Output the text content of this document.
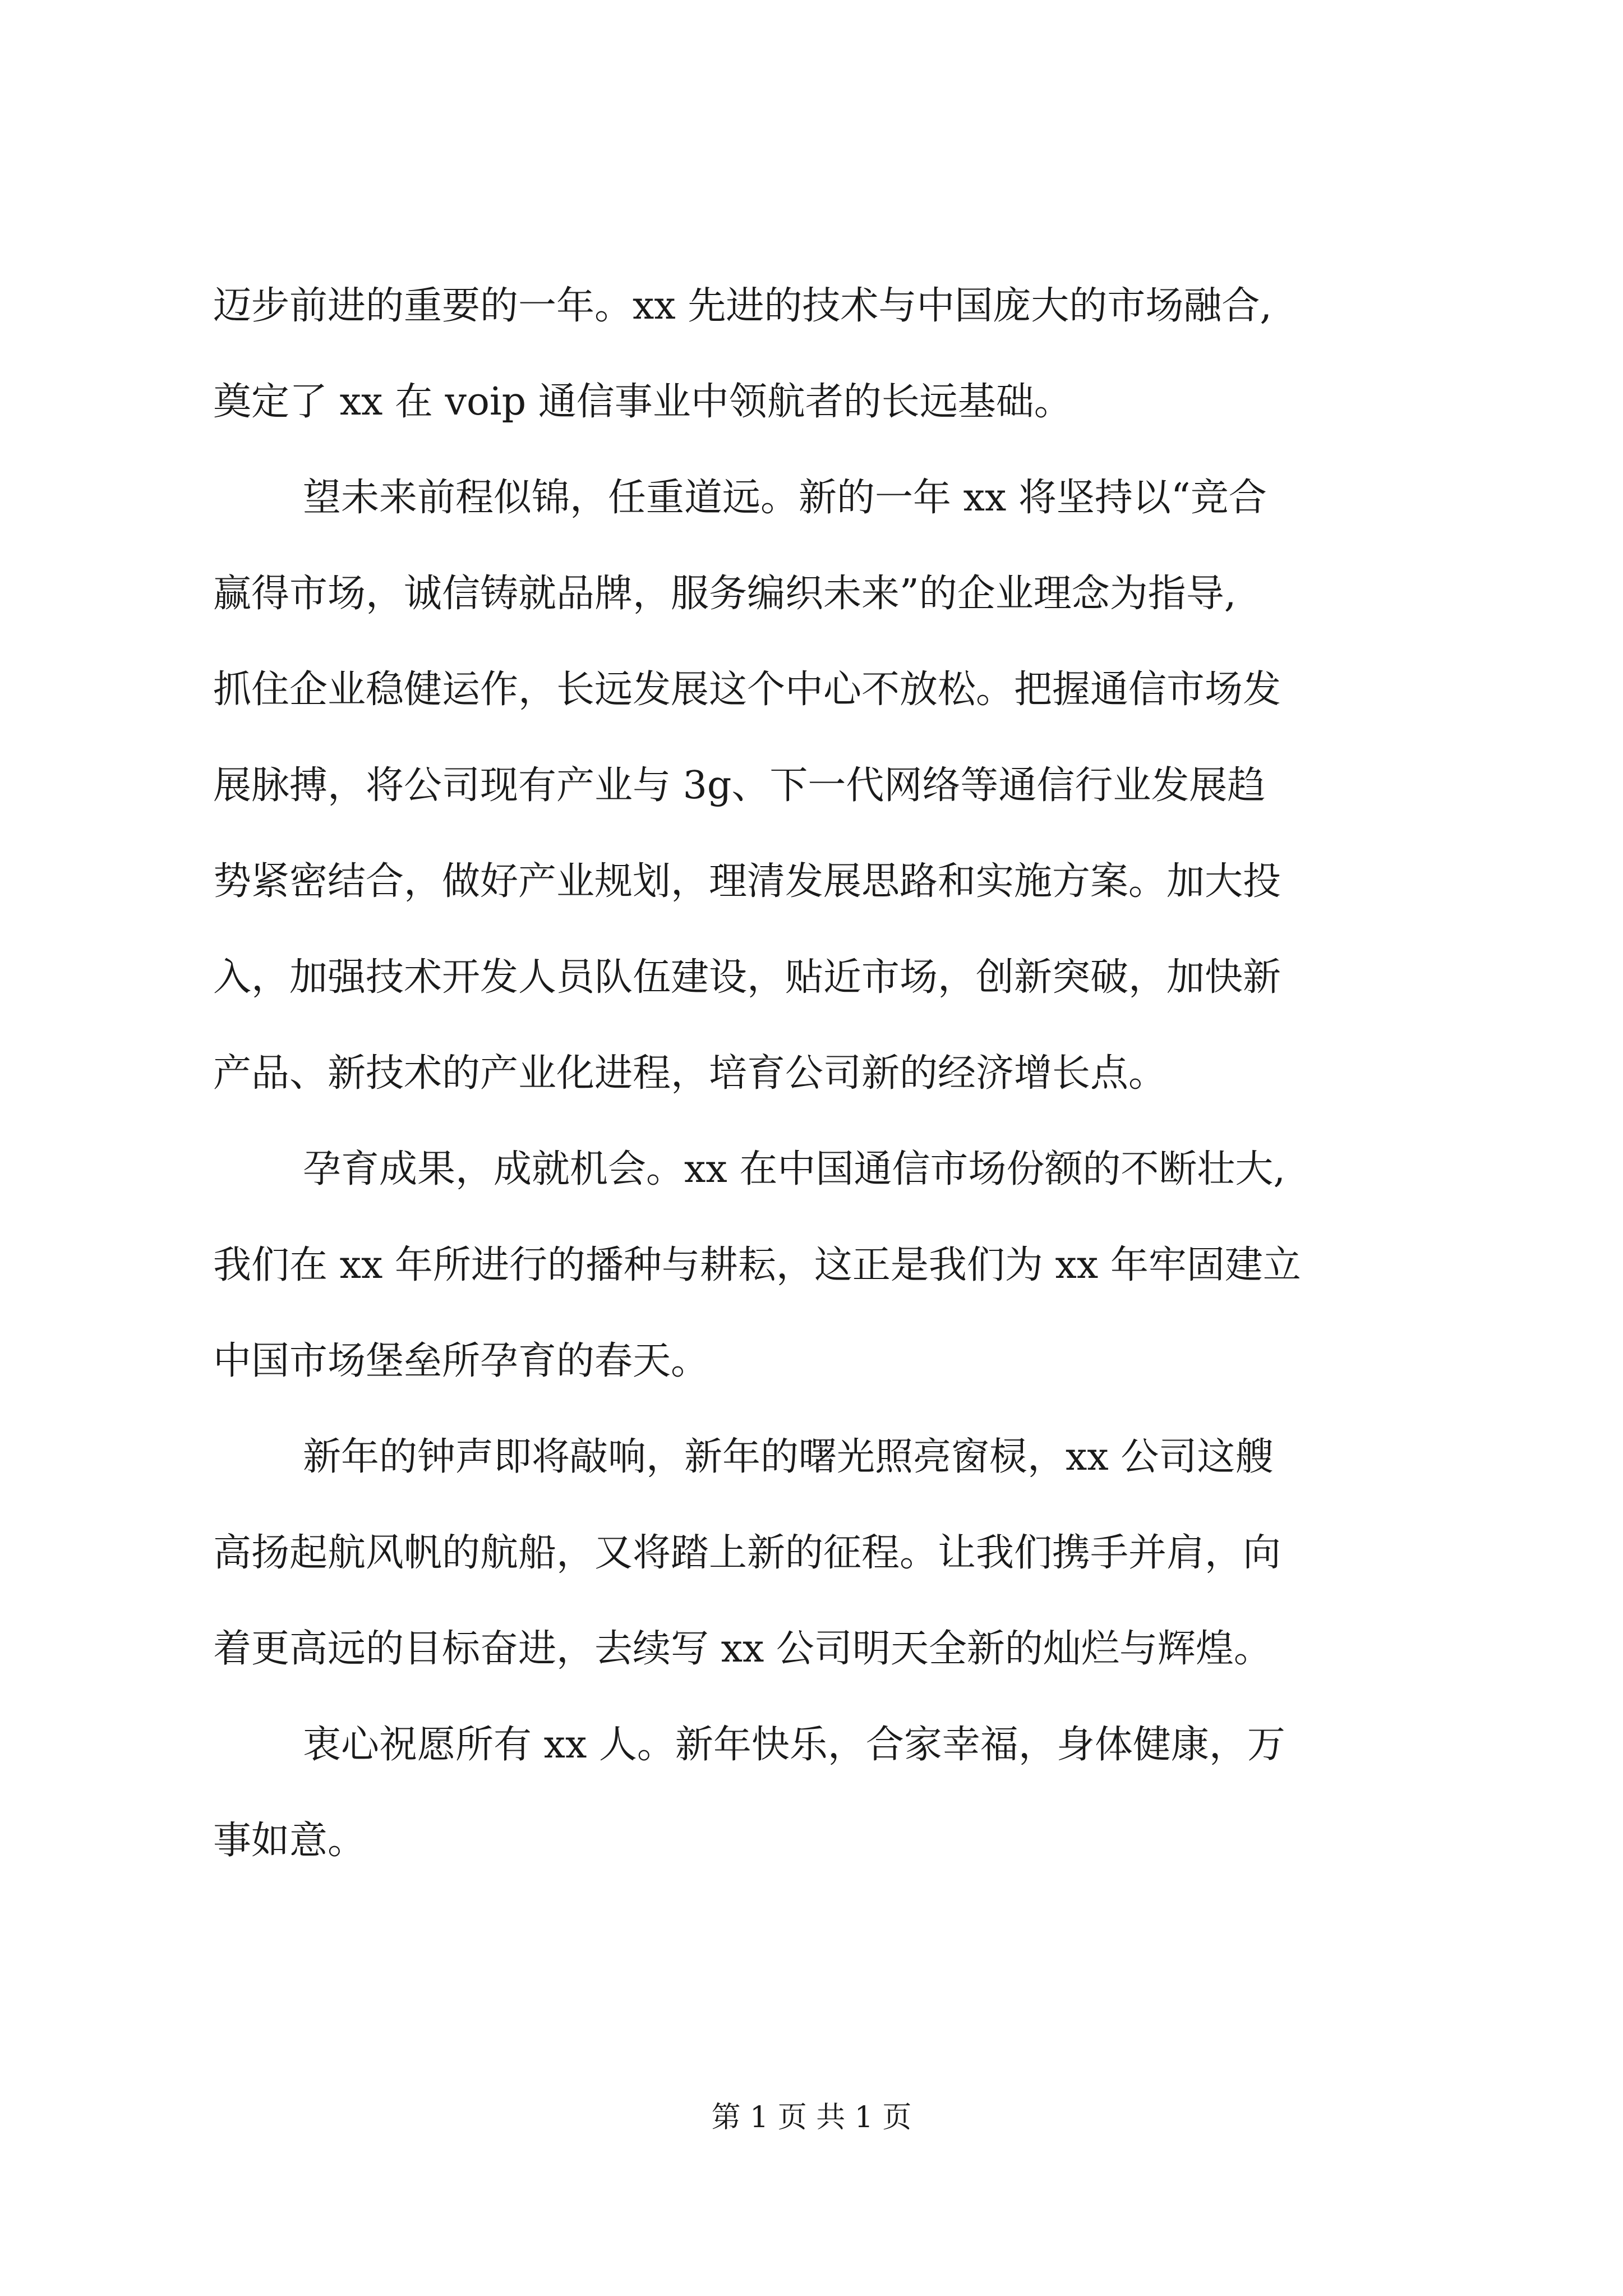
迈步前进的重要的一年。xx 先进的技术与中国庞大的市场融合,
奠定了 xx 在 voip 通信事业中领航者的长远基础。
望未来前程似锦，任重道远。新的一年 xx 将坚持以“竞合
赢得市场，诚信铸就品牌，服务编织未来”的企业理念为指导,
抓住企业稳健运作，长远发展这个中心不放松。把握通信市场发
展脉搏，将公司现有产业与 3g、下一代网络等通信行业发展趋
势紧密结合，做好产业规划，理清发展思路和实施方案。加大投
入，加强技术开发人员队伍建设，贴近市场，创新突破，加快新
产品、新技术的产业化进程，培育公司新的经济增长点。
孕育成果，成就机会。xx 在中国通信市场份额的不断壮大,
我们在 xx 年所进行的播种与耕耘，这正是我们为 xx 年牢固建立
中国市场堡垒所孕育的春天。
新年的钟声即将敲响，新年的曙光照亮窗棂，xx 公司这艘
高扬起航风帆的航船，又将踏上新的征程。让我们携手并肩，向
着更高远的目标奋进，去续写 xx 公司明天全新的灿烂与辉煌。
衷心祝愿所有 xx 人。新年快乐，合家幸福，身体健康，万
事如意。
第 1 页 共 1 页
